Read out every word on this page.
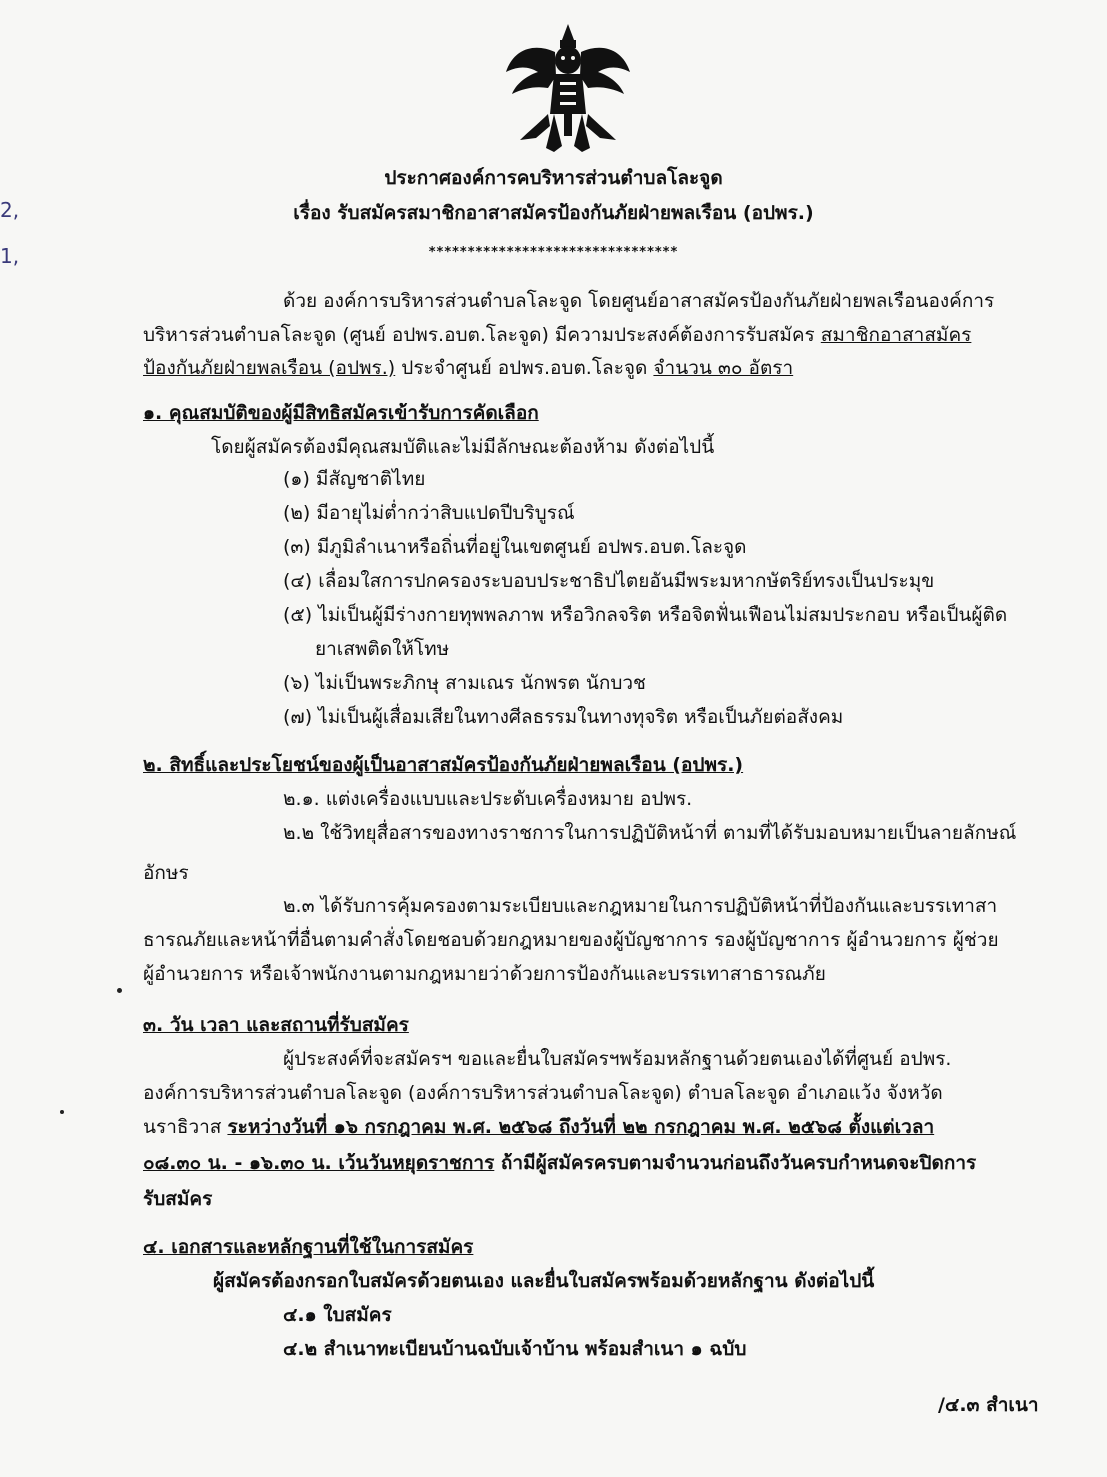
2,
1,
ประกาศองค์การคบริหารส่วนตำบลโละจูด
เรื่อง รับสมัครสมาชิกอาสาสมัครป้องกันภัยฝ่ายพลเรือน (อปพร.)
********************************
ด้วย องค์การบริหารส่วนตำบลโละจูด โดยศูนย์อาสาสมัครป้องกันภัยฝ่ายพลเรือนองค์การ
บริหารส่วนตำบลโละจูด (ศูนย์ อปพร.อบต.โละจูด) มีความประสงค์ต้องการรับสมัคร สมาชิกอาสาสมัคร
ป้องกันภัยฝ่ายพลเรือน (อปพร.) ประจำศูนย์ อปพร.อบต.โละจูด จำนวน ๓๐ อัตรา
๑. คุณสมบัติของผู้มีสิทธิสมัครเข้ารับการคัดเลือก
โดยผู้สมัครต้องมีคุณสมบัติและไม่มีลักษณะต้องห้าม ดังต่อไปนี้
(๑) มีสัญชาติไทย
(๒) มีอายุไม่ต่ำกว่าสิบแปดปีบริบูรณ์
(๓) มีภูมิลำเนาหรือถิ่นที่อยู่ในเขตศูนย์ อปพร.อบต.โละจูด
(๔) เลื่อมใสการปกครองระบอบประชาธิปไตยอันมีพระมหากษัตริย์ทรงเป็นประมุข
(๕) ไม่เป็นผู้มีร่างกายทุพพลภาพ หรือวิกลจริต หรือจิตฟั่นเฟือนไม่สมประกอบ หรือเป็นผู้ติด
ยาเสพติดให้โทษ
(๖) ไม่เป็นพระภิกษุ สามเณร นักพรต นักบวช
(๗) ไม่เป็นผู้เสื่อมเสียในทางศีลธรรมในทางทุจริต หรือเป็นภัยต่อสังคม
๒. สิทธิ์และประโยชน์ของผู้เป็นอาสาสมัครป้องกันภัยฝ่ายพลเรือน (อปพร.)
๒.๑. แต่งเครื่องแบบและประดับเครื่องหมาย อปพร.
๒.๒ ใช้วิทยุสื่อสารของทางราชการในการปฏิบัติหน้าที่ ตามที่ได้รับมอบหมายเป็นลายลักษณ์
อักษร
๒.๓ ได้รับการคุ้มครองตามระเบียบและกฎหมายในการปฏิบัติหน้าที่ป้องกันและบรรเทาสา
ธารณภัยและหน้าที่อื่นตามคำสั่งโดยชอบด้วยกฎหมายของผู้บัญชาการ รองผู้บัญชาการ ผู้อำนวยการ ผู้ช่วย
ผู้อำนวยการ หรือเจ้าพนักงานตามกฎหมายว่าด้วยการป้องกันและบรรเทาสาธารณภัย
๓. วัน เวลา และสถานที่รับสมัคร
ผู้ประสงค์ที่จะสมัครฯ ขอและยื่นใบสมัครฯพร้อมหลักฐานด้วยตนเองได้ที่ศูนย์ อปพร.
องค์การบริหารส่วนตำบลโละจูด (องค์การบริหารส่วนตำบลโละจูด) ตำบลโละจูด อำเภอแว้ง จังหวัด
นราธิวาส ระหว่างวันที่ ๑๖ กรกฎาคม พ.ศ. ๒๕๖๘ ถึงวันที่ ๒๒ กรกฎาคม พ.ศ. ๒๕๖๘ ตั้งแต่เวลา
๐๘.๓๐ น. - ๑๖.๓๐ น. เว้นวันหยุดราชการ ถ้ามีผู้สมัครครบตามจำนวนก่อนถึงวันครบกำหนดจะปิดการ
รับสมัคร
๔. เอกสารและหลักฐานที่ใช้ในการสมัคร
ผู้สมัครต้องกรอกใบสมัครด้วยตนเอง และยื่นใบสมัครพร้อมด้วยหลักฐาน ดังต่อไปนี้
๔.๑ ใบสมัคร
๔.๒ สำเนาทะเบียนบ้านฉบับเจ้าบ้าน พร้อมสำเนา ๑ ฉบับ
/๔.๓ สำเนา
